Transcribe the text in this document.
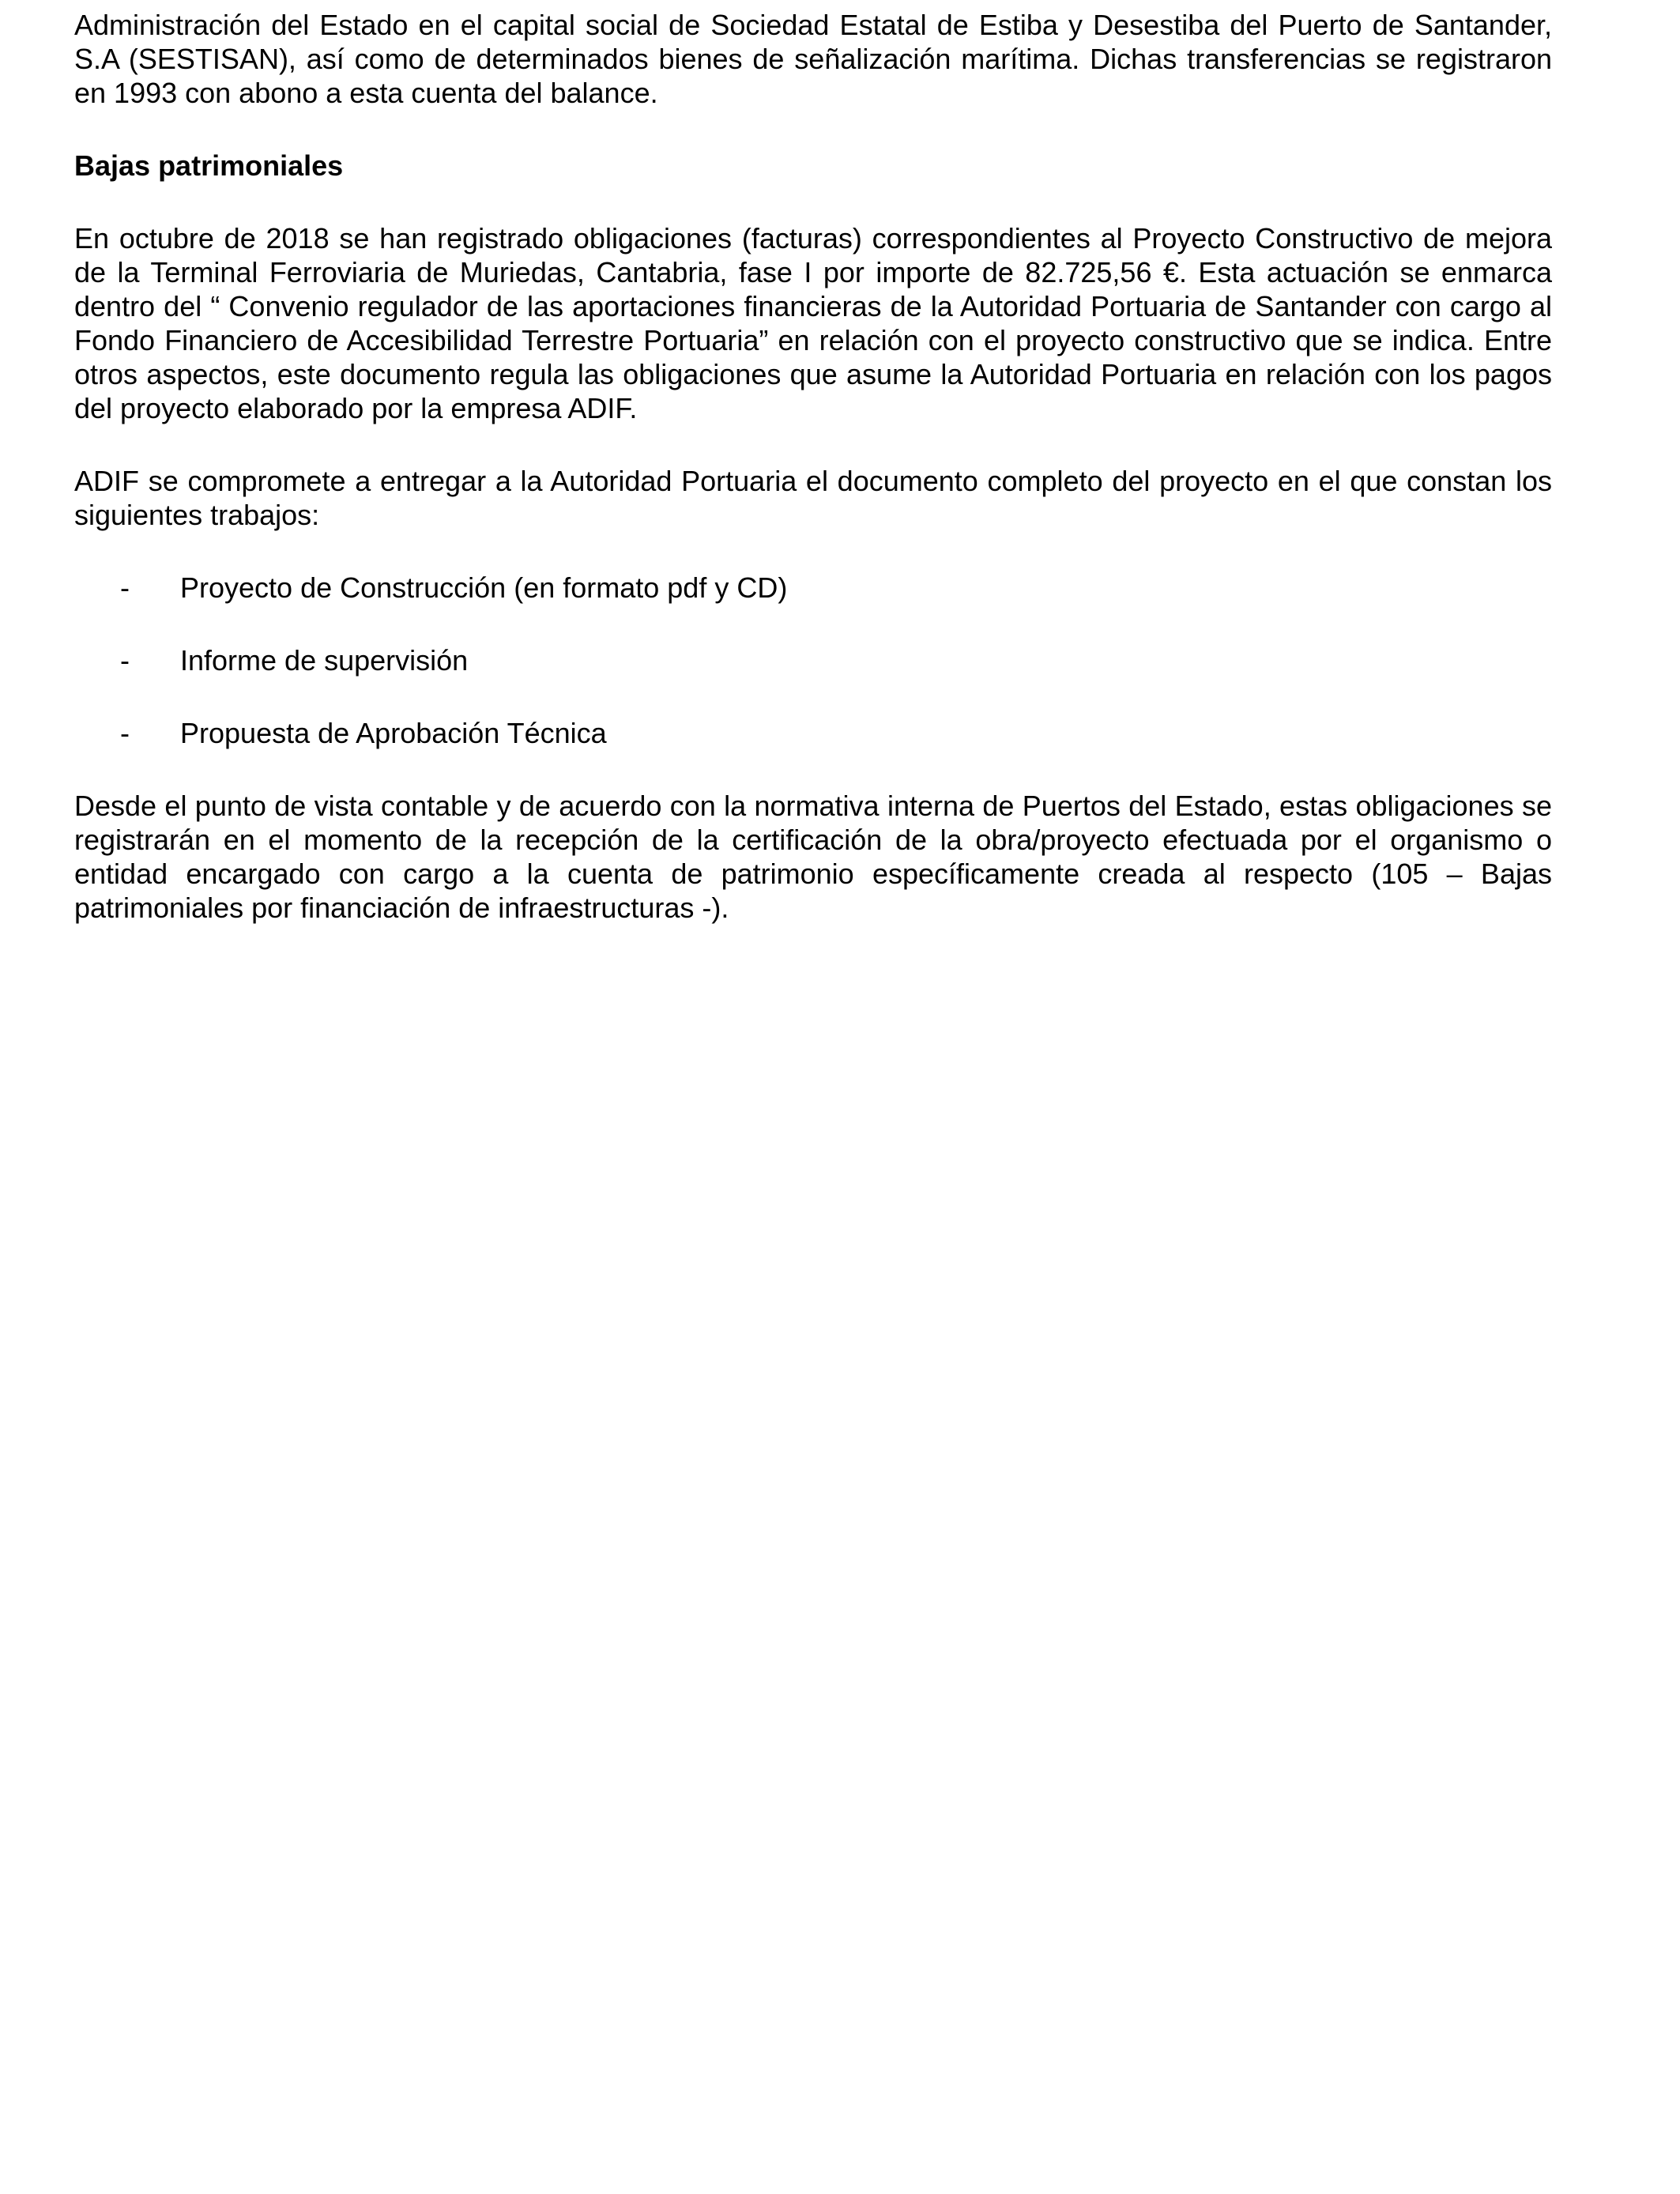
Administración del Estado en el capital social de Sociedad Estatal de Estiba y Desestiba del Puerto de Santander, S.A (SESTISAN), así como de determinados bienes de señalización marítima. Dichas transferencias se registraron en 1993 con abono a esta cuenta del balance.

Bajas patrimoniales

En octubre de 2018 se han registrado obligaciones (facturas) correspondientes al Proyecto Constructivo de mejora de la Terminal Ferroviaria de Muriedas, Cantabria, fase I por importe de 82.725,56 €. Esta actuación se enmarca dentro del “ Convenio regulador de las aportaciones financieras de la Autoridad Portuaria de Santander con cargo al Fondo Financiero de Accesibilidad Terrestre Portuaria” en relación con el proyecto constructivo que se indica. Entre otros aspectos, este documento regula las obligaciones que asume la Autoridad Portuaria en relación con los pagos del proyecto elaborado por la empresa ADIF.

ADIF se compromete a entregar a la Autoridad Portuaria el documento completo del proyecto en el que constan los siguientes trabajos:

-	Proyecto de Construcción (en formato pdf y CD)
-	Informe de supervisión
-	Propuesta de Aprobación Técnica

Desde el punto de vista contable y de acuerdo con la normativa interna de Puertos del Estado, estas obligaciones se registrarán en el momento de la recepción de la certificación de la obra/proyecto efectuada por el organismo o entidad encargado con cargo a la cuenta de patrimonio específicamente creada al respecto (105 – Bajas patrimoniales por financiación de infraestructuras -).
